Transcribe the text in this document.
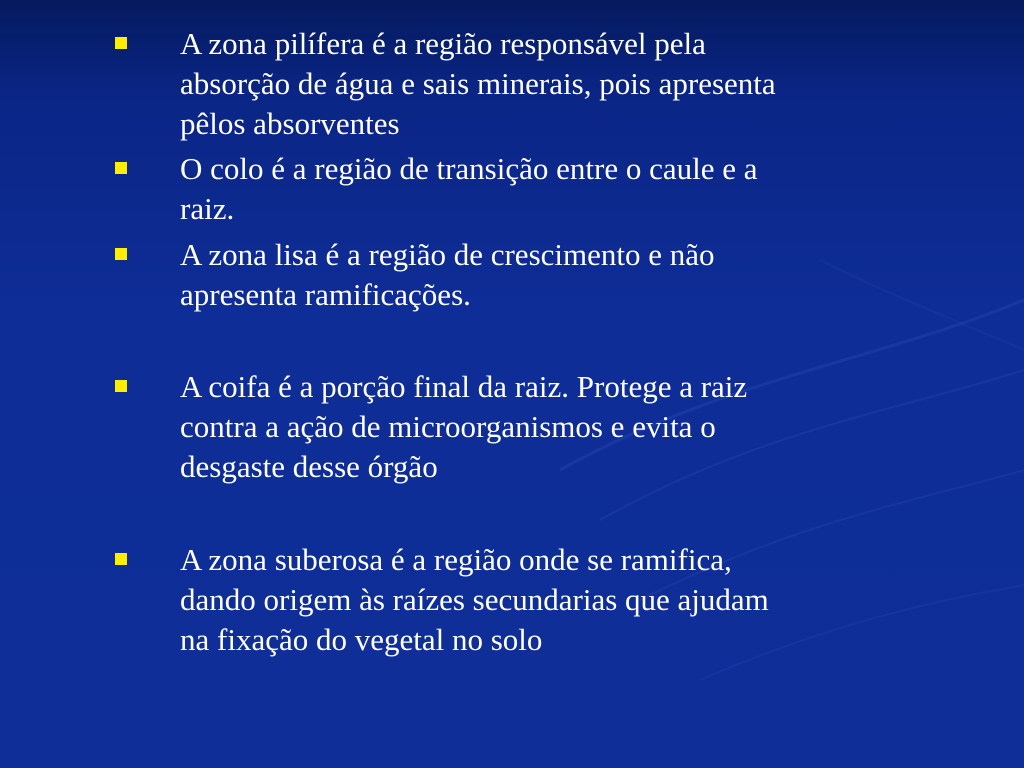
A zona pilífera é a região responsável pela
absorção de água e sais minerais, pois apresenta
pêlos absorventes
O colo é a região de transição entre o caule e a
raiz.
A zona lisa é a região de crescimento e não
apresenta ramificações.
A coifa é a porção final da raiz. Protege a raiz
contra a ação de microorganismos e evita o
desgaste desse órgão
A zona suberosa é a região onde se ramifica,
dando origem às raízes secundarias que ajudam
na fixação do vegetal no solo
